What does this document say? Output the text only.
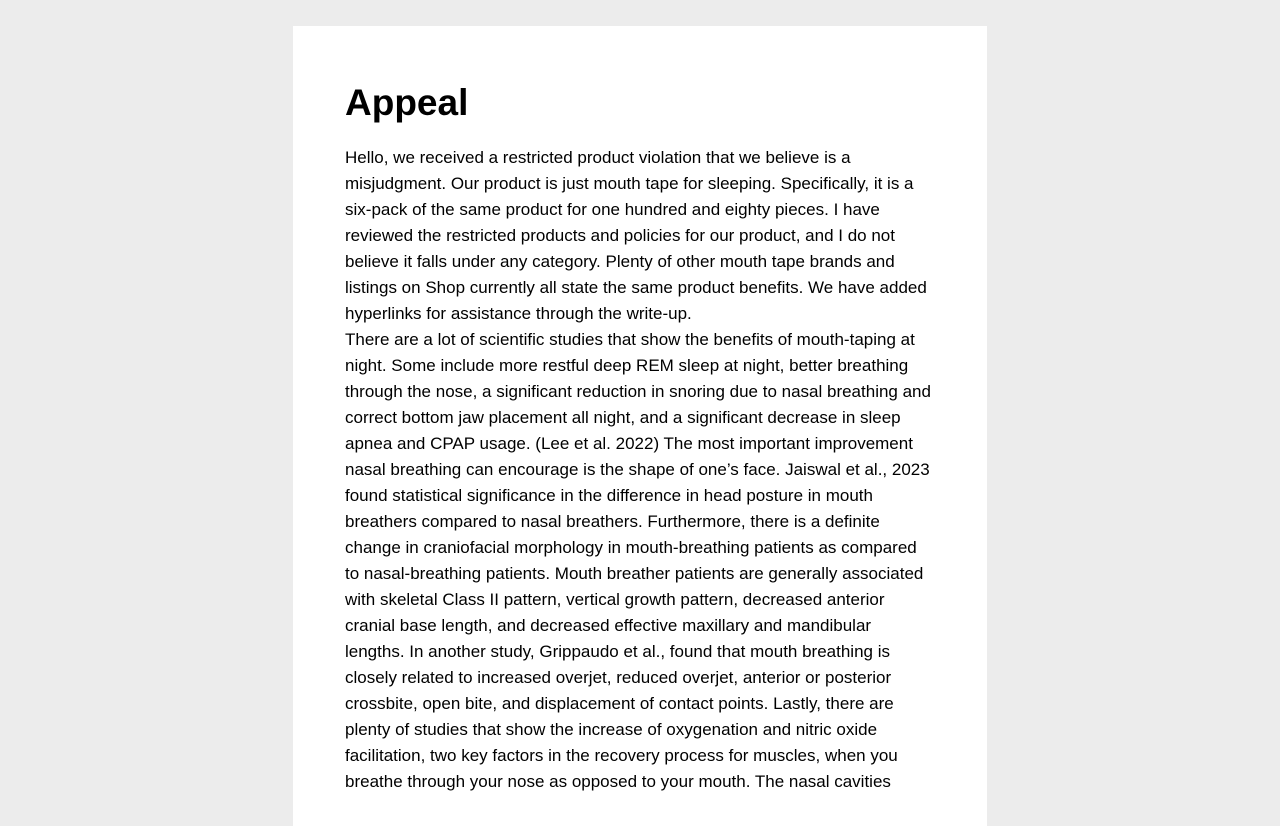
Appeal

Hello, we received a restricted product violation that we believe is a misjudgment. Our product is just mouth tape for sleeping. Specifically, it is a six-pack of the same product for one hundred and eighty pieces. I have reviewed the restricted products and policies for our product, and I do not believe it falls under any category. Plenty of other mouth tape brands and listings on Shop currently all state the same product benefits. We have added hyperlinks for assistance through the write-up.

There are a lot of scientific studies that show the benefits of mouth-taping at night. Some include more restful deep REM sleep at night, better breathing through the nose, a significant reduction in snoring due to nasal breathing and correct bottom jaw placement all night, and a significant decrease in sleep apnea and CPAP usage. (Lee et al. 2022) The most important improvement nasal breathing can encourage is the shape of one’s face. Jaiswal et al., 2023 found statistical significance in the difference in head posture in mouth breathers compared to nasal breathers. Furthermore, there is a definite change in craniofacial morphology in mouth-breathing patients as compared to nasal-breathing patients. Mouth breather patients are generally associated with skeletal Class II pattern, vertical growth pattern, decreased anterior cranial base length, and decreased effective maxillary and mandibular lengths. In another study, Grippaudo et al., found that mouth breathing is closely related to increased overjet, reduced overjet, anterior or posterior crossbite, open bite, and displacement of contact points. Lastly, there are plenty of studies that show the increase of oxygenation and nitric oxide facilitation, two key factors in the recovery process for muscles, when you breathe through your nose as opposed to your mouth. The nasal cavities
